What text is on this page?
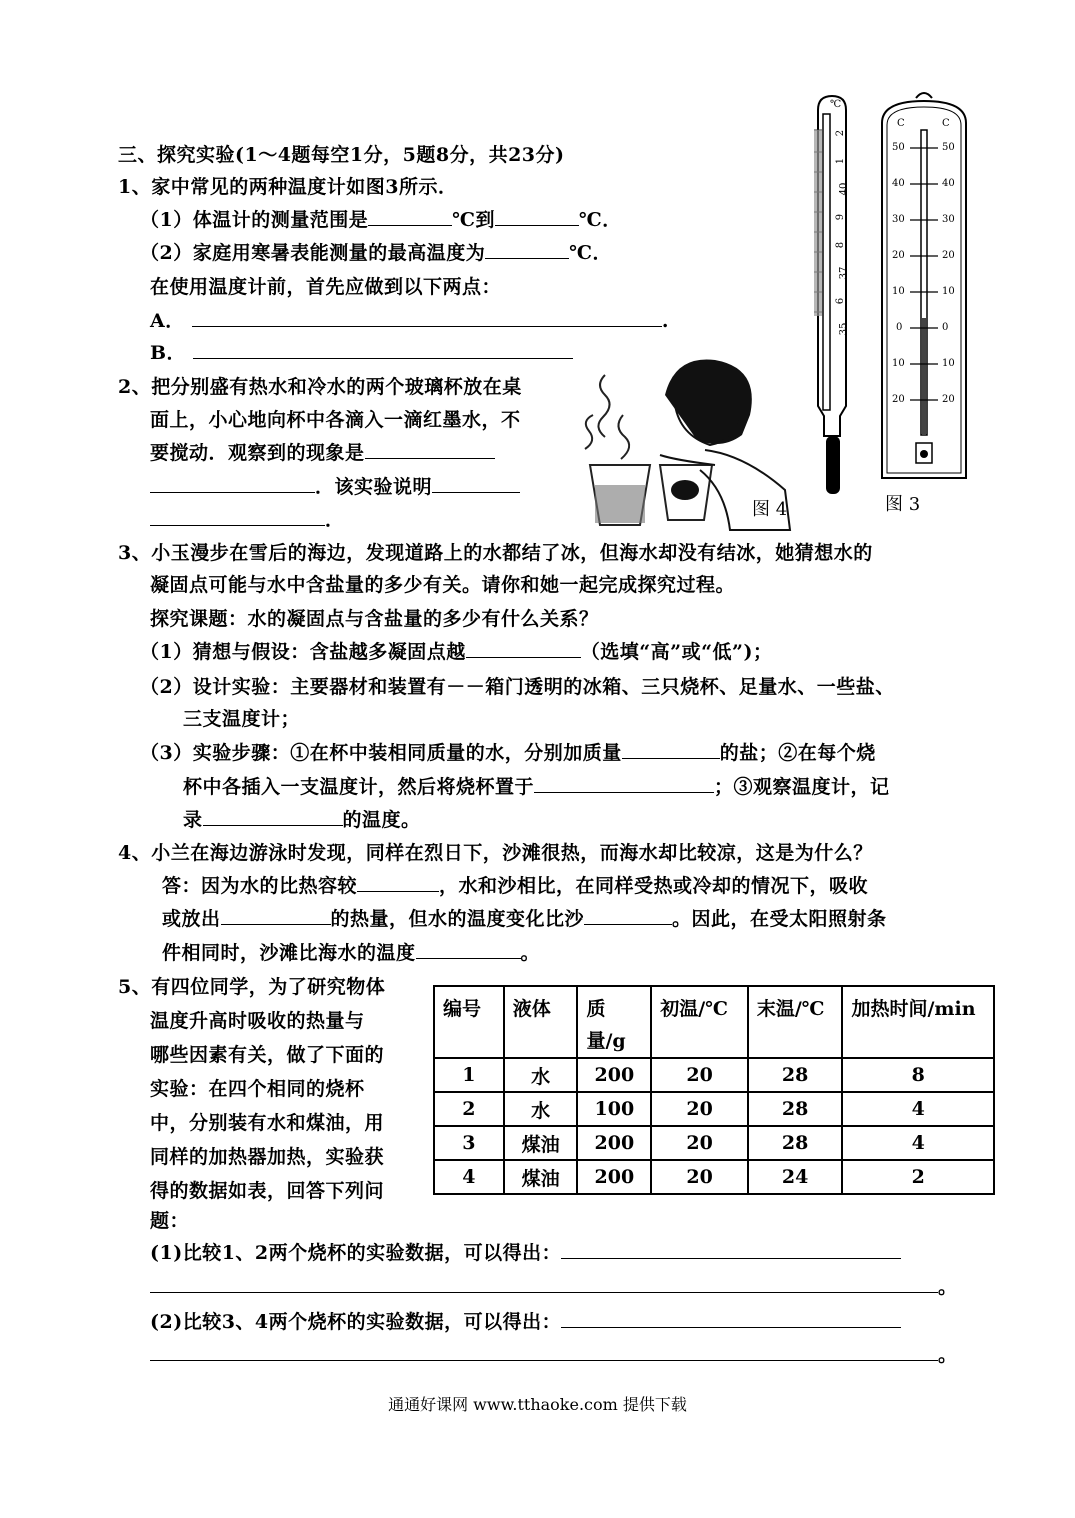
三、探究实验(1～4题每空1分，5题8分，共23分)
1、家中常见的两种温度计如图3所示．
（1）体温计的测量范围是	℃到	℃．
（2）家庭用寒暑表能测量的最高温度为	℃．
在使用温度计前，首先应做到以下两点：
A．	.
B．
2、把分别盛有热水和冷水的两个玻璃杯放在桌
面上，小心地向杯中各滴入一滴红墨水，不
要搅动．观察到的现象是
．该实验说明
．
3、小玉漫步在雪后的海边，发现道路上的水都结了冰，但海水却没有结冰，她猜想水的
凝固点可能与水中含盐量的多少有关。请你和她一起完成探究过程。
探究课题：水的凝固点与含盐量的多少有什么关系？
（1）猜想与假设：含盐越多凝固点越	（选填“高”或“低”)；
（2）设计实验：主要器材和装置有－－箱门透明的冰箱、三只烧杯、足量水、一些盐、
三支温度计；
（3）实验步骤：①在杯中装相同质量的水，分别加质量	的盐；②在每个烧
杯中各插入一支温度计，然后将烧杯置于	；③观察温度计，记
录	的温度。
4、小兰在海边游泳时发现，同样在烈日下，沙滩很热，而海水却比较凉，这是为什么？
答：因为水的比热容较	，水和沙相比，在同样受热或冷却的情况下，吸收
或放出	的热量，但水的温度变化比沙	。因此，在受太阳照射条
件相同时，沙滩比海水的温度	。
5、有四位同学，为了研究物体
温度升高时吸收的热量与
哪些因素有关，做了下面的
实验：在四个相同的烧杯
中，分别装有水和煤油，用
同样的加热器加热，实验获
得的数据如表，回答下列问
题：
编号	液体	质　量/g	初温/℃	末温/℃	加热时间/min
1	水	200	20	28	8
2	水	100	20	28	4
3	煤油	200	20	28	4
4	煤油	200	20	24	2
(1)比较1、2两个烧杯的实验数据，可以得出：
。
(2)比较3、4两个烧杯的实验数据，可以得出：
。
图 4
℃
2
1
40
9
8
37
6
35
C	C
50	50
40	40
30	30
20	20
10	10
0	0
10	10
20	20
图 3
通通好课网 www.tthaoke.com 提供下载
